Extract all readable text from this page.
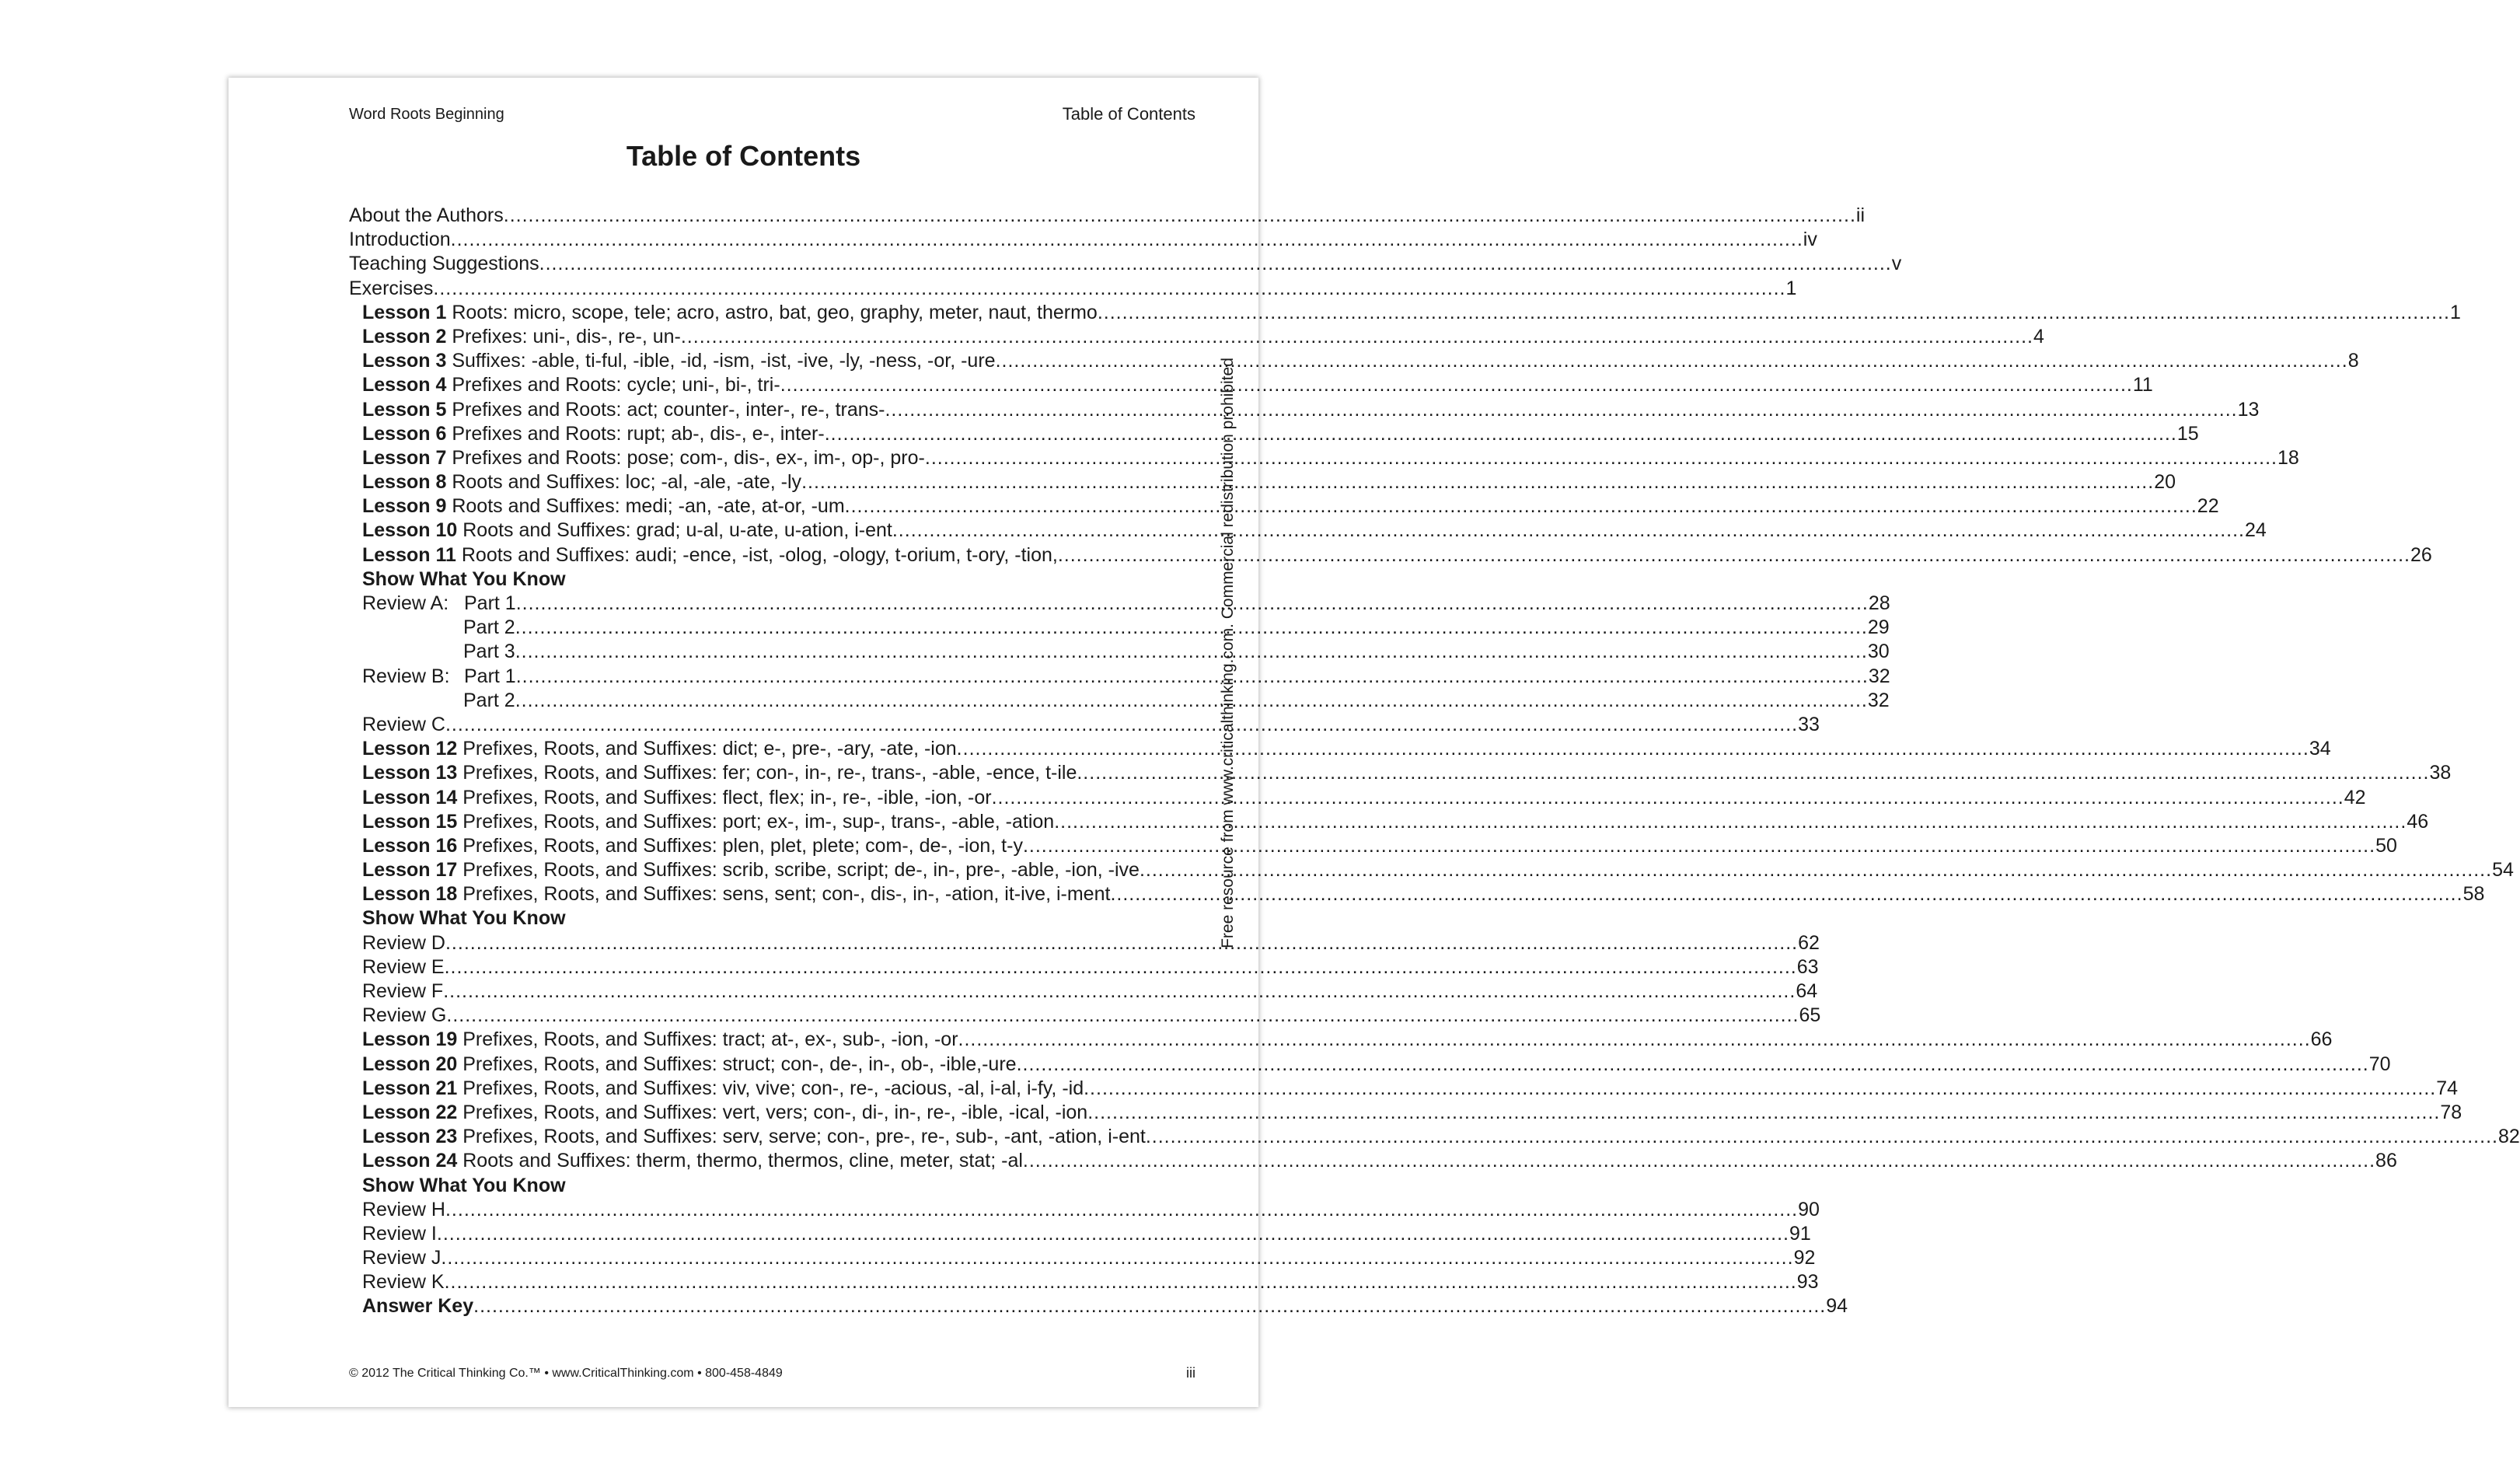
Word Roots Beginning	Table of Contents
Table of Contents
About the Authors .....	ii
Introduction .....	iv
Teaching Suggestions .....	v
Exercises .....	1
Lesson 1 Roots: micro, scope, tele; acro, astro, bat, geo, graphy, meter, naut, thermo .....	1
Lesson 2 Prefixes: uni-, dis-, re-, un- .....	4
Lesson 3 Suffixes: -able, ti-ful, -ible, -id, -ism, -ist, -ive, -ly, -ness, -or, -ure .....	8
Lesson 4 Prefixes and Roots: cycle; uni-, bi-, tri- .....	11
Lesson 5 Prefixes and Roots: act; counter-, inter-, re-, trans- .....	13
Lesson 6 Prefixes and Roots: rupt; ab-, dis-, e-, inter- .....	15
Lesson 7 Prefixes and Roots: pose; com-, dis-, ex-, im-, op-, pro- .....	18
Lesson 8 Roots and Suffixes: loc; -al, -ale, -ate, -ly .....	20
Lesson 9 Roots and Suffixes: medi; -an, -ate, at-or, -um .....	22
Lesson 10 Roots and Suffixes: grad; u-al, u-ate, u-ation, i-ent .....	24
Lesson 11 Roots and Suffixes: audi; -ence, -ist, -olog, -ology, t-orium, t-ory, -tion, .....	26
Show What You Know
Review A: Part 1 .....	28
Part 2 .....	29
Part 3 .....	30
Review B: Part 1 .....	32
Part 2 .....	32
Review C .....	33
Lesson 12 Prefixes, Roots, and Suffixes: dict; e-, pre-, -ary, -ate, -ion .....	34
Lesson 13 Prefixes, Roots, and Suffixes: fer; con-, in-, re-, trans-, -able, -ence, t-ile .....	38
Lesson 14 Prefixes, Roots, and Suffixes: flect, flex; in-, re-, -ible, -ion, -or .....	42
Lesson 15 Prefixes, Roots, and Suffixes: port; ex-, im-, sup-, trans-, -able, -ation .....	46
Lesson 16 Prefixes, Roots, and Suffixes: plen, plet, plete; com-, de-, -ion, t-y .....	50
Lesson 17 Prefixes, Roots, and Suffixes: scrib, scribe, script; de-, in-, pre-, -able, -ion, -ive .....	54
Lesson 18 Prefixes, Roots, and Suffixes: sens, sent; con-, dis-, in-, -ation, it-ive, i-ment .....	58
Show What You Know
Review D .....	62
Review E .....	63
Review F .....	64
Review G .....	65
Lesson 19 Prefixes, Roots, and Suffixes: tract; at-, ex-, sub-, -ion, -or .....	66
Lesson 20 Prefixes, Roots, and Suffixes: struct; con-, de-, in-, ob-, -ible,-ure .....	70
Lesson 21 Prefixes, Roots, and Suffixes: viv, vive; con-, re-, -acious, -al, i-al, i-fy, -id .....	74
Lesson 22 Prefixes, Roots, and Suffixes: vert, vers; con-, di-, in-, re-, -ible, -ical, -ion .....	78
Lesson 23 Prefixes, Roots, and Suffixes: serv, serve; con-, pre-, re-, sub-, -ant, -ation, i-ent .....	82
Lesson 24 Roots and Suffixes: therm, thermo, thermos, cline, meter, stat; -al .....	86
Show What You Know
Review H .....	90
Review I .....	91
Review J .....	92
Review K .....	93
Answer Key .....	94
© 2012 The Critical Thinking Co.™ • www.CriticalThinking.com • 800-458-4849	iii
Free resource from www.criticalthinking.com. Commercial redistribution prohibited
